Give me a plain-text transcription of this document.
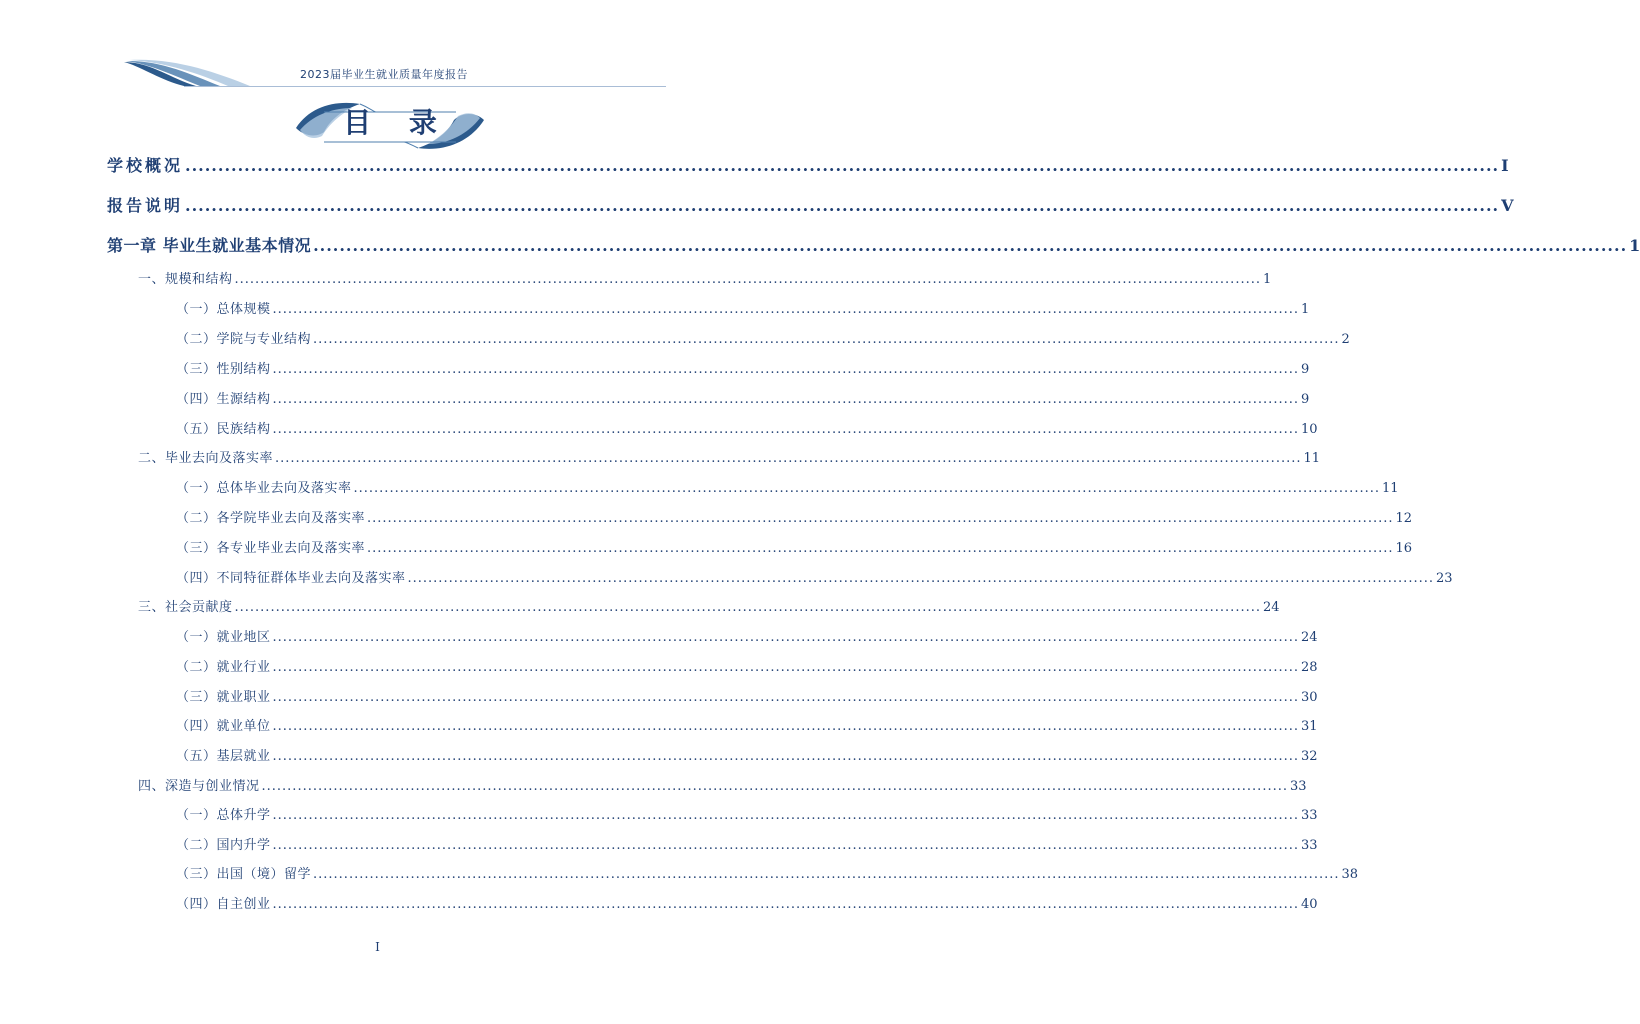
2023届毕业生就业质量年度报告
目 录
学校概况 ........................................................................................................................................................................................................ I
报告说明 ........................................................................................................................................................................................................ V
第一章 毕业生就业基本情况 ........................................................................................................................................................................................................ 1
一、规模和结构 ........................................................................................................................................................................................................ 1
（一）总体规模 ........................................................................................................................................................................................................ 1
（二）学院与专业结构 ........................................................................................................................................................................................................ 2
（三）性别结构 ........................................................................................................................................................................................................ 9
（四）生源结构 ........................................................................................................................................................................................................ 9
（五）民族结构 ........................................................................................................................................................................................................ 10
二、毕业去向及落实率 ........................................................................................................................................................................................................ 11
（一）总体毕业去向及落实率 ........................................................................................................................................................................................................ 11
（二）各学院毕业去向及落实率 ........................................................................................................................................................................................................ 12
（三）各专业毕业去向及落实率 ........................................................................................................................................................................................................ 16
（四）不同特征群体毕业去向及落实率 ........................................................................................................................................................................................................ 23
三、社会贡献度 ........................................................................................................................................................................................................ 24
（一）就业地区 ........................................................................................................................................................................................................ 24
（二）就业行业 ........................................................................................................................................................................................................ 28
（三）就业职业 ........................................................................................................................................................................................................ 30
（四）就业单位 ........................................................................................................................................................................................................ 31
（五）基层就业 ........................................................................................................................................................................................................ 32
四、深造与创业情况 ........................................................................................................................................................................................................ 33
（一）总体升学 ........................................................................................................................................................................................................ 33
（二）国内升学 ........................................................................................................................................................................................................ 33
（三）出国（境）留学 ........................................................................................................................................................................................................ 38
（四）自主创业 ........................................................................................................................................................................................................ 40
I
